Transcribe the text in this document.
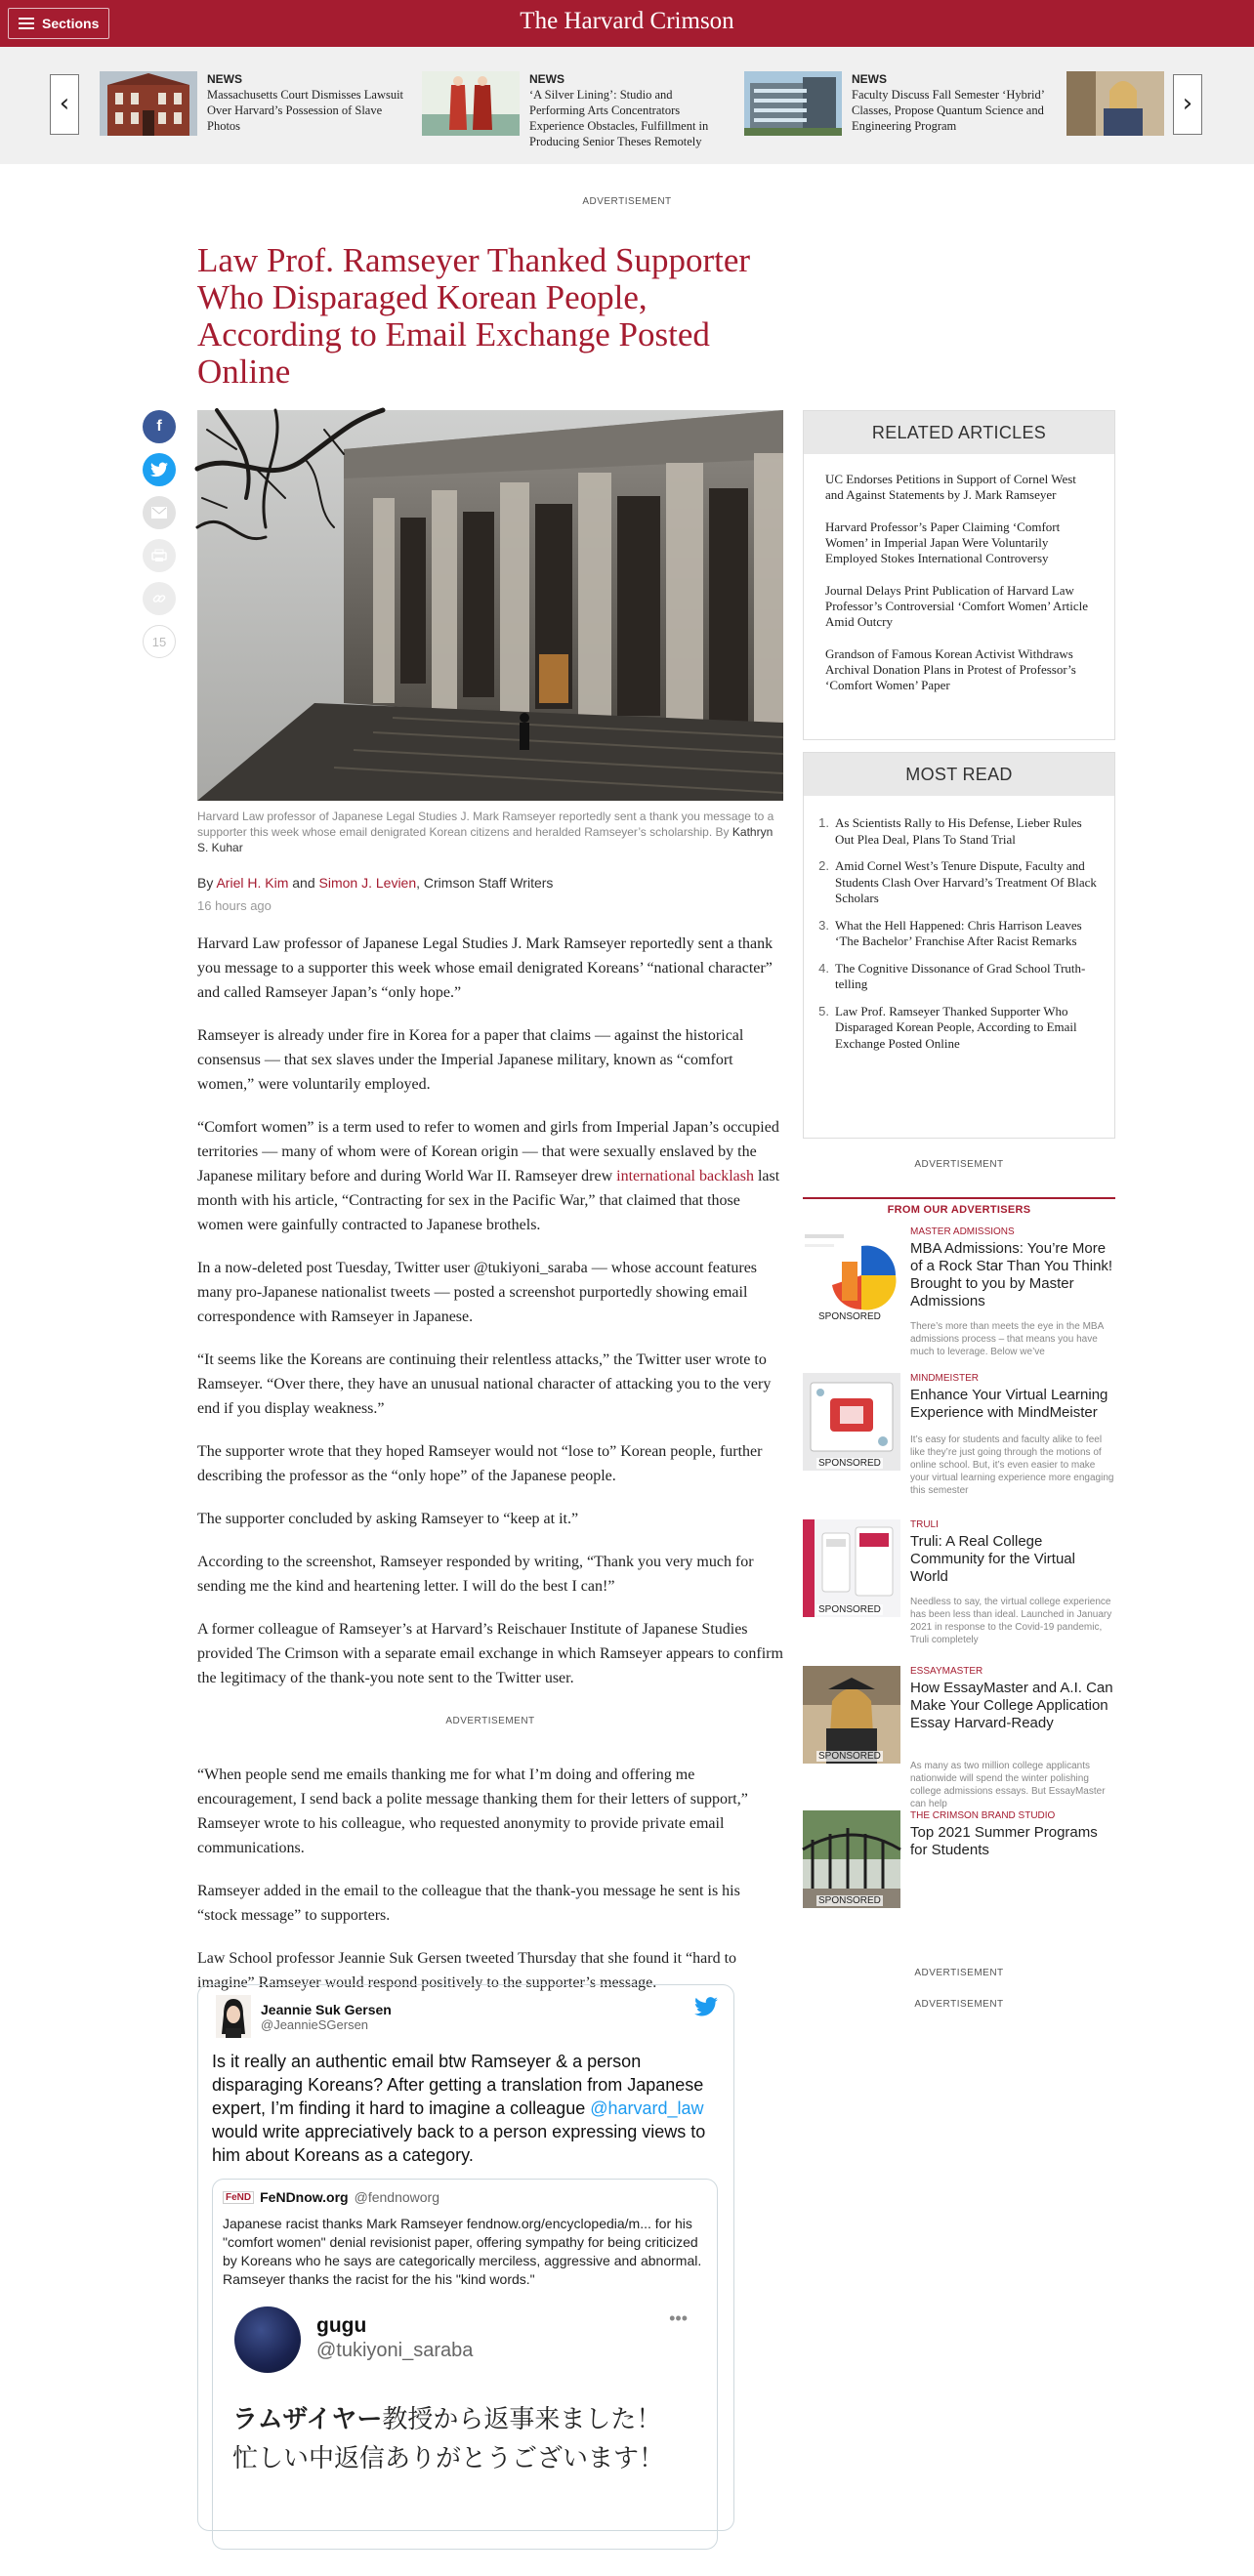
Sections	The Harvard Crimson
‹
NEWS
Massachusetts Court Dismisses Lawsuit Over Harvard’s Possession of Slave Photos
NEWS
‘A Silver Lining’: Studio and Performing Arts Concentrators Experience Obstacles, Fulfillment in Producing Senior Theses Remotely
NEWS
Faculty Discuss Fall Semester ‘Hybrid’ Classes, Propose Quantum Science and Engineering Program
›
ADVERTISEMENT
Law Prof. Ramseyer Thanked Supporter Who Disparaged Korean People, According to Email Exchange Posted Online
f
15
Harvard Law professor of Japanese Legal Studies J. Mark Ramseyer reportedly sent a thank you message to a supporter this week whose email denigrated Korean citizens and heralded Ramseyer’s scholarship. By Kathryn S. Kuhar
By Ariel H. Kim and Simon J. Levien, Crimson Staff Writers
16 hours ago

Harvard Law professor of Japanese Legal Studies J. Mark Ramseyer reportedly sent a thank you message to a supporter this week whose email denigrated Koreans’ “national character” and called Ramseyer Japan’s “only hope.”

Ramseyer is already under fire in Korea for a paper that claims — against the historical consensus — that sex slaves under the Imperial Japanese military, known as “comfort women,” were voluntarily employed.

“Comfort women” is a term used to refer to women and girls from Imperial Japan’s occupied territories — many of whom were of Korean origin — that were sexually enslaved by the Japanese military before and during World War II. Ramseyer drew international backlash last month with his article, “Contracting for sex in the Pacific War,” that claimed that those women were gainfully contracted to Japanese brothels.

In a now-deleted post Tuesday, Twitter user @tukiyoni_saraba — whose account features many pro-Japanese nationalist tweets — posted a screenshot purportedly showing email correspondence with Ramseyer in Japanese.

“It seems like the Koreans are continuing their relentless attacks,” the Twitter user wrote to Ramseyer. “Over there, they have an unusual national character of attacking you to the very end if you display weakness.”

The supporter wrote that they hoped Ramseyer would not “lose to” Korean people, further describing the professor as the “only hope” of the Japanese people.

The supporter concluded by asking Ramseyer to “keep at it.”

According to the screenshot, Ramseyer responded by writing, “Thank you very much for sending me the kind and heartening letter. I will do the best I can!”

A former colleague of Ramseyer’s at Harvard’s Reischauer Institute of Japanese Studies provided The Crimson with a separate email exchange in which Ramseyer appears to confirm the legitimacy of the thank-you note sent to the Twitter user.

ADVERTISEMENT

“When people send me emails thanking me for what I’m doing and offering me encouragement, I send back a polite message thanking them for their letters of support,” Ramseyer wrote to his colleague, who requested anonymity to provide private email communications.

Ramseyer added in the email to the colleague that the thank-you message he sent is his “stock message” to supporters.

Law School professor Jeannie Suk Gersen tweeted Thursday that she found it “hard to imagine” Ramseyer would respond positively to the supporter’s message.

Jeannie Suk Gersen
@JeannieSGersen
Is it really an authentic email btw Ramseyer & a person disparaging Koreans? After getting a translation from Japanese expert, I’m finding it hard to imagine a colleague @harvard_law would write appreciatively back to a person expressing views to him about Koreans as a category.
FeND FeNDnow.org @fendnoworg
Japanese racist thanks Mark Ramseyer fendnow.org/encyclopedia/m... for his "comfort women" denial revisionist paper, offering sympathy for being criticized by Koreans who he says are categorically merciless, aggressive and abnormal. Ramseyer thanks the racist for the his "kind words."
gugu
@tukiyoni_saraba
•••
ラムザイヤー教授から返事来ました！
忙しい中返信ありがとうございます！
RELATED ARTICLES
UC Endorses Petitions in Support of Cornel West and Against Statements by J. Mark Ramseyer
Harvard Professor’s Paper Claiming ‘Comfort Women’ in Imperial Japan Were Voluntarily Employed Stokes International Controversy
Journal Delays Print Publication of Harvard Law Professor’s Controversial ‘Comfort Women’ Article Amid Outcry
Grandson of Famous Korean Activist Withdraws Archival Donation Plans in Protest of Professor’s ‘Comfort Women’ Paper
MOST READ
1. As Scientists Rally to His Defense, Lieber Rules Out Plea Deal, Plans To Stand Trial
2. Amid Cornel West’s Tenure Dispute, Faculty and Students Clash Over Harvard’s Treatment Of Black Scholars
3. What the Hell Happened: Chris Harrison Leaves ‘The Bachelor’ Franchise After Racist Remarks
4. The Cognitive Dissonance of Grad School Truth-telling
5. Law Prof. Ramseyer Thanked Supporter Who Disparaged Korean People, According to Email Exchange Posted Online
ADVERTISEMENT
FROM OUR ADVERTISERS
SPONSORED
MASTER ADMISSIONS
MBA Admissions: You’re More of a Rock Star Than You Think! Brought to you by Master Admissions
There’s more than meets the eye in the MBA admissions process – that means you have much to leverage. Below we’ve
SPONSORED
MINDMEISTER
Enhance Your Virtual Learning Experience with MindMeister
It’s easy for students and faculty alike to feel like they’re just going through the motions of online school. But, it’s even easier to make your virtual learning experience more engaging this semester
SPONSORED
TRULI
Truli: A Real College Community for the Virtual World
Needless to say, the virtual college experience has been less than ideal. Launched in January 2021 in response to the Covid-19 pandemic, Truli completely
SPONSORED
ESSAYMASTER
How EssayMaster and A.I. Can Make Your College Application Essay Harvard-Ready
As many as two million college applicants nationwide will spend the winter polishing college admissions essays. But EssayMaster can help
SPONSORED
THE CRIMSON BRAND STUDIO
Top 2021 Summer Programs for Students
ADVERTISEMENT
ADVERTISEMENT
